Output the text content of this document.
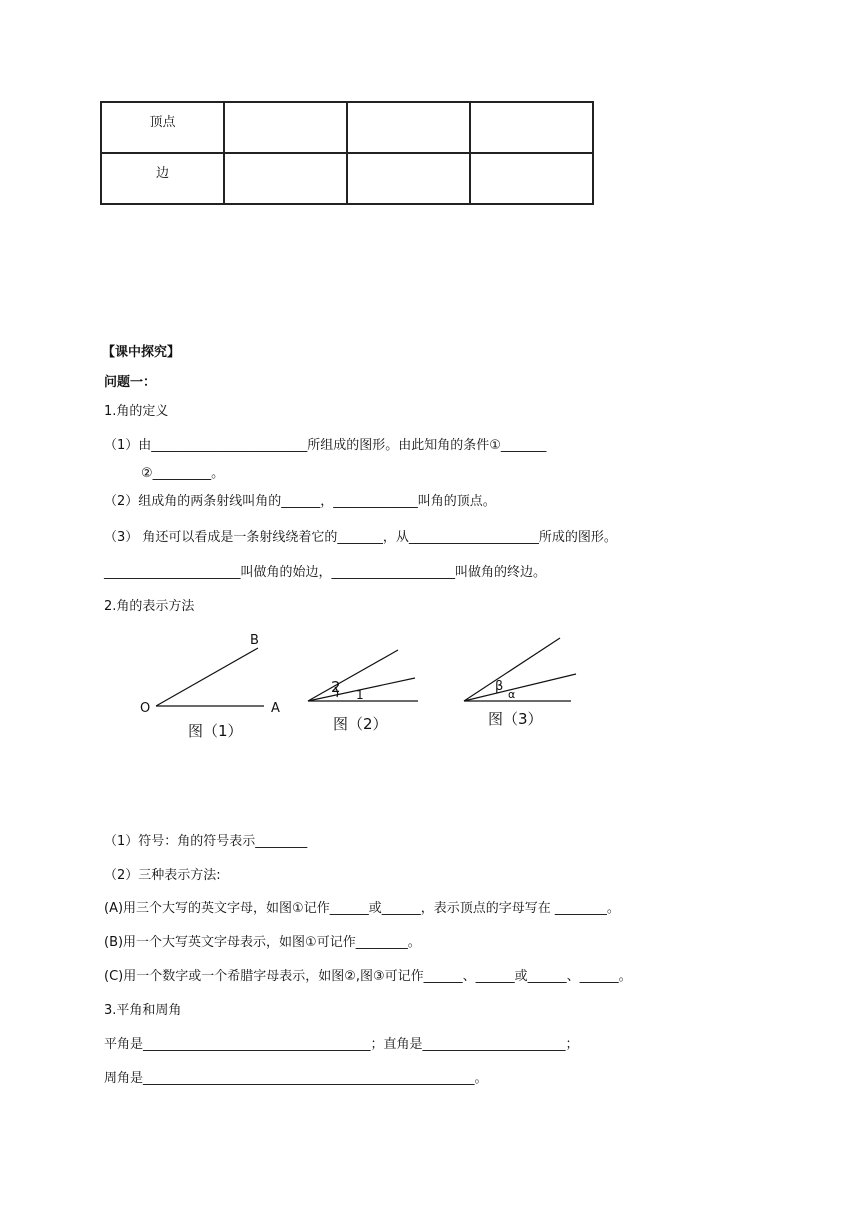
顶点			
边			
【课中探究】
问题一：
1.角的定义
（1）由________________________所组成的图形。由此知角的条件①_______
②_________。
（2）组成角的两条射线叫角的______，_____________叫角的顶点。
（3） 角还可以看成是一条射线绕着它的_______，从____________________所成的图形。
_____________________叫做角的始边，___________________叫做角的终边。
2.角的表示方法
O	A
B
图（1）
2 1
图（2）
β
α
图（3）
（1）符号：角的符号表示________
（2）三种表示方法:
(A)用三个大写的英文字母，如图①记作______或______，表示顶点的字母写在 ________。
(B)用一个大写英文字母表示，如图①可记作________。
(C)用一个数字或一个希腊字母表示，如图②,图③可记作______、______或______、______。
3.平角和周角
平角是___________________________________；直角是______________________；
周角是___________________________________________________。
